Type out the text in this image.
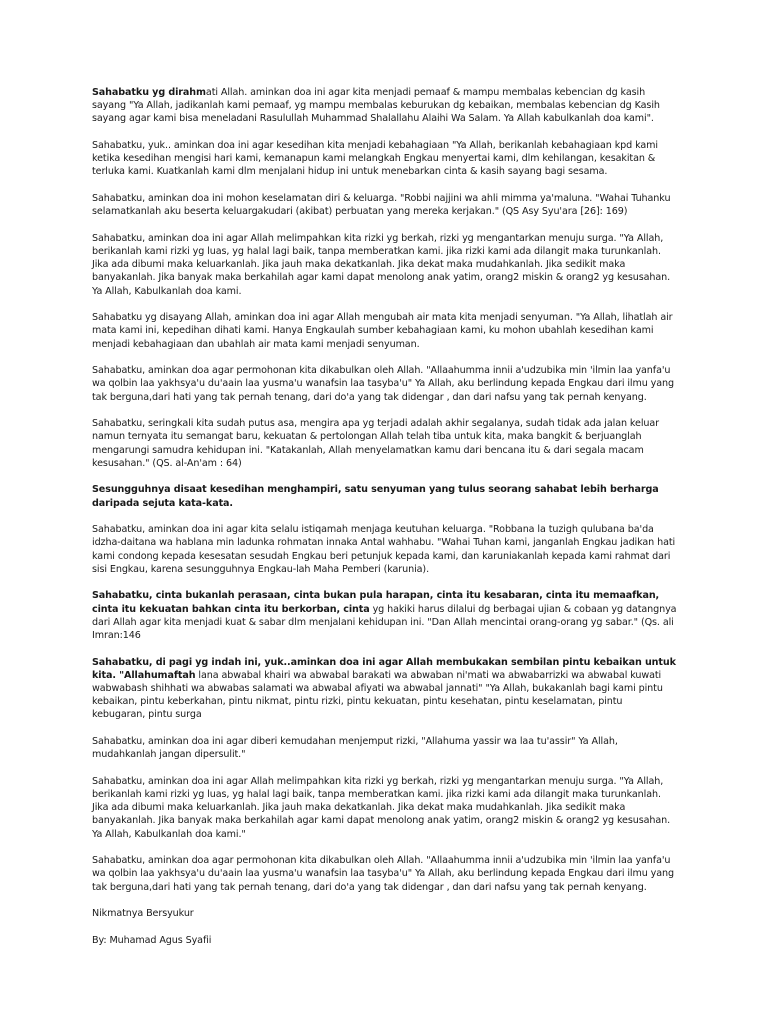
Sahabatku yg dirahmati Allah. aminkan doa ini agar kita menjadi pemaaf & mampu membalas kebencian dg kasih sayang "Ya Allah, jadikanlah kami pemaaf, yg mampu membalas keburukan dg kebaikan, membalas kebencian dg Kasih sayang agar kami bisa meneladani Rasulullah Muhammad Shalallahu Alaihi Wa Salam. Ya Allah kabulkanlah doa kami".

Sahabatku, yuk.. aminkan doa ini agar kesedihan kita menjadi kebahagiaan "Ya Allah, berikanlah kebahagiaan kpd kami ketika kesedihan mengisi hari kami, kemanapun kami melangkah Engkau menyertai kami, dlm kehilangan, kesakitan & terluka kami. Kuatkanlah kami dlm menjalani hidup ini untuk menebarkan cinta & kasih sayang bagi sesama.

Sahabatku, aminkan doa ini mohon keselamatan diri & keluarga. "Robbi najjini wa ahli mimma ya'maluna. "Wahai Tuhanku selamatkanlah aku beserta keluargakudari (akibat) perbuatan yang mereka kerjakan." (QS Asy Syu'ara [26]: 169)

Sahabatku, aminkan doa ini agar Allah melimpahkan kita rizki yg berkah, rizki yg mengantarkan menuju surga. "Ya Allah, berikanlah kami rizki yg luas, yg halal lagi baik, tanpa memberatkan kami. jika rizki kami ada dilangit maka turunkanlah. Jika ada dibumi maka keluarkanlah. Jika jauh maka dekatkanlah. Jika dekat maka mudahkanlah. Jika sedikit maka banyakanlah. Jika banyak maka berkahilah agar kami dapat menolong anak yatim, orang2 miskin & orang2 yg kesusahan. Ya Allah, Kabulkanlah doa kami.

Sahabatku yg disayang Allah, aminkan doa ini agar Allah mengubah air mata kita menjadi senyuman. "Ya Allah, lihatlah air mata kami ini, kepedihan dihati kami. Hanya Engkaulah sumber kebahagiaan kami, ku mohon ubahlah kesedihan kami menjadi kebahagiaan dan ubahlah air mata kami menjadi senyuman.

Sahabatku, aminkan doa agar permohonan kita dikabulkan oleh Allah. "Allaahumma innii a'udzubika min 'ilmin laa yanfa'u wa qolbin laa yakhsya'u du'aain laa yusma'u wanafsin laa tasyba'u" Ya Allah, aku berlindung kepada Engkau dari ilmu yang tak berguna,dari hati yang tak pernah tenang, dari do'a yang tak didengar , dan dari nafsu yang tak pernah kenyang.

Sahabatku, seringkali kita sudah putus asa, mengira apa yg terjadi adalah akhir segalanya, sudah tidak ada jalan keluar namun ternyata itu semangat baru, kekuatan & pertolongan Allah telah tiba untuk kita, maka bangkit & berjuanglah mengarungi samudra kehidupan ini. "Katakanlah, Allah menyelamatkan kamu dari bencana itu & dari segala macam kesusahan." (QS. al-An'am : 64)

Sesungguhnya disaat kesedihan menghampiri, satu senyuman yang tulus seorang sahabat lebih berharga daripada sejuta kata-kata.

Sahabatku, aminkan doa ini agar kita selalu istiqamah menjaga keutuhan keluarga. "Robbana la tuzigh qulubana ba'da idzha-daitana wa hablana min ladunka rohmatan innaka Antal wahhabu. "Wahai Tuhan kami, janganlah Engkau jadikan hati kami condong kepada kesesatan sesudah Engkau beri petunjuk kepada kami, dan karuniakanlah kepada kami rahmat dari sisi Engkau, karena sesungguhnya Engkau-lah Maha Pemberi (karunia).

Sahabatku, cinta bukanlah perasaan, cinta bukan pula harapan, cinta itu kesabaran, cinta itu memaafkan, cinta itu kekuatan bahkan cinta itu berkorban, cinta yg hakiki harus dilalui dg berbagai ujian & cobaan yg datangnya dari Allah agar kita menjadi kuat & sabar dlm menjalani kehidupan ini. "Dan Allah mencintai orang-orang yg sabar." (Qs. ali Imran:146

Sahabatku, di pagi yg indah ini, yuk..aminkan doa ini agar Allah membukakan sembilan pintu kebaikan untuk kita. "Allahumaftah lana abwabal khairi wa abwabal barakati wa abwaban ni'mati wa abwabarrizki wa abwabal kuwati wabwabash shihhati wa abwabas salamati wa abwabal afiyati wa abwabal jannati" "Ya Allah, bukakanlah bagi kami pintu kebaikan, pintu keberkahan, pintu nikmat, pintu rizki, pintu kekuatan, pintu kesehatan, pintu keselamatan, pintu kebugaran, pintu surga

Sahabatku, aminkan doa ini agar diberi kemudahan menjemput rizki, "Allahuma yassir wa laa tu'assir" Ya Allah, mudahkanlah jangan dipersulit."

Sahabatku, aminkan doa ini agar Allah melimpahkan kita rizki yg berkah, rizki yg mengantarkan menuju surga. "Ya Allah, berikanlah kami rizki yg luas, yg halal lagi baik, tanpa memberatkan kami. jika rizki kami ada dilangit maka turunkanlah. Jika ada dibumi maka keluarkanlah. Jika jauh maka dekatkanlah. Jika dekat maka mudahkanlah. Jika sedikit maka banyakanlah. Jika banyak maka berkahilah agar kami dapat menolong anak yatim, orang2 miskin & orang2 yg kesusahan. Ya Allah, Kabulkanlah doa kami."

Sahabatku, aminkan doa agar permohonan kita dikabulkan oleh Allah. "Allaahumma innii a'udzubika min 'ilmin laa yanfa'u wa qolbin laa yakhsya'u du'aain laa yusma'u wanafsin laa tasyba'u" Ya Allah, aku berlindung kepada Engkau dari ilmu yang tak berguna,dari hati yang tak pernah tenang, dari do'a yang tak didengar , dan dari nafsu yang tak pernah kenyang.

Nikmatnya Bersyukur

By: Muhamad Agus Syafii
